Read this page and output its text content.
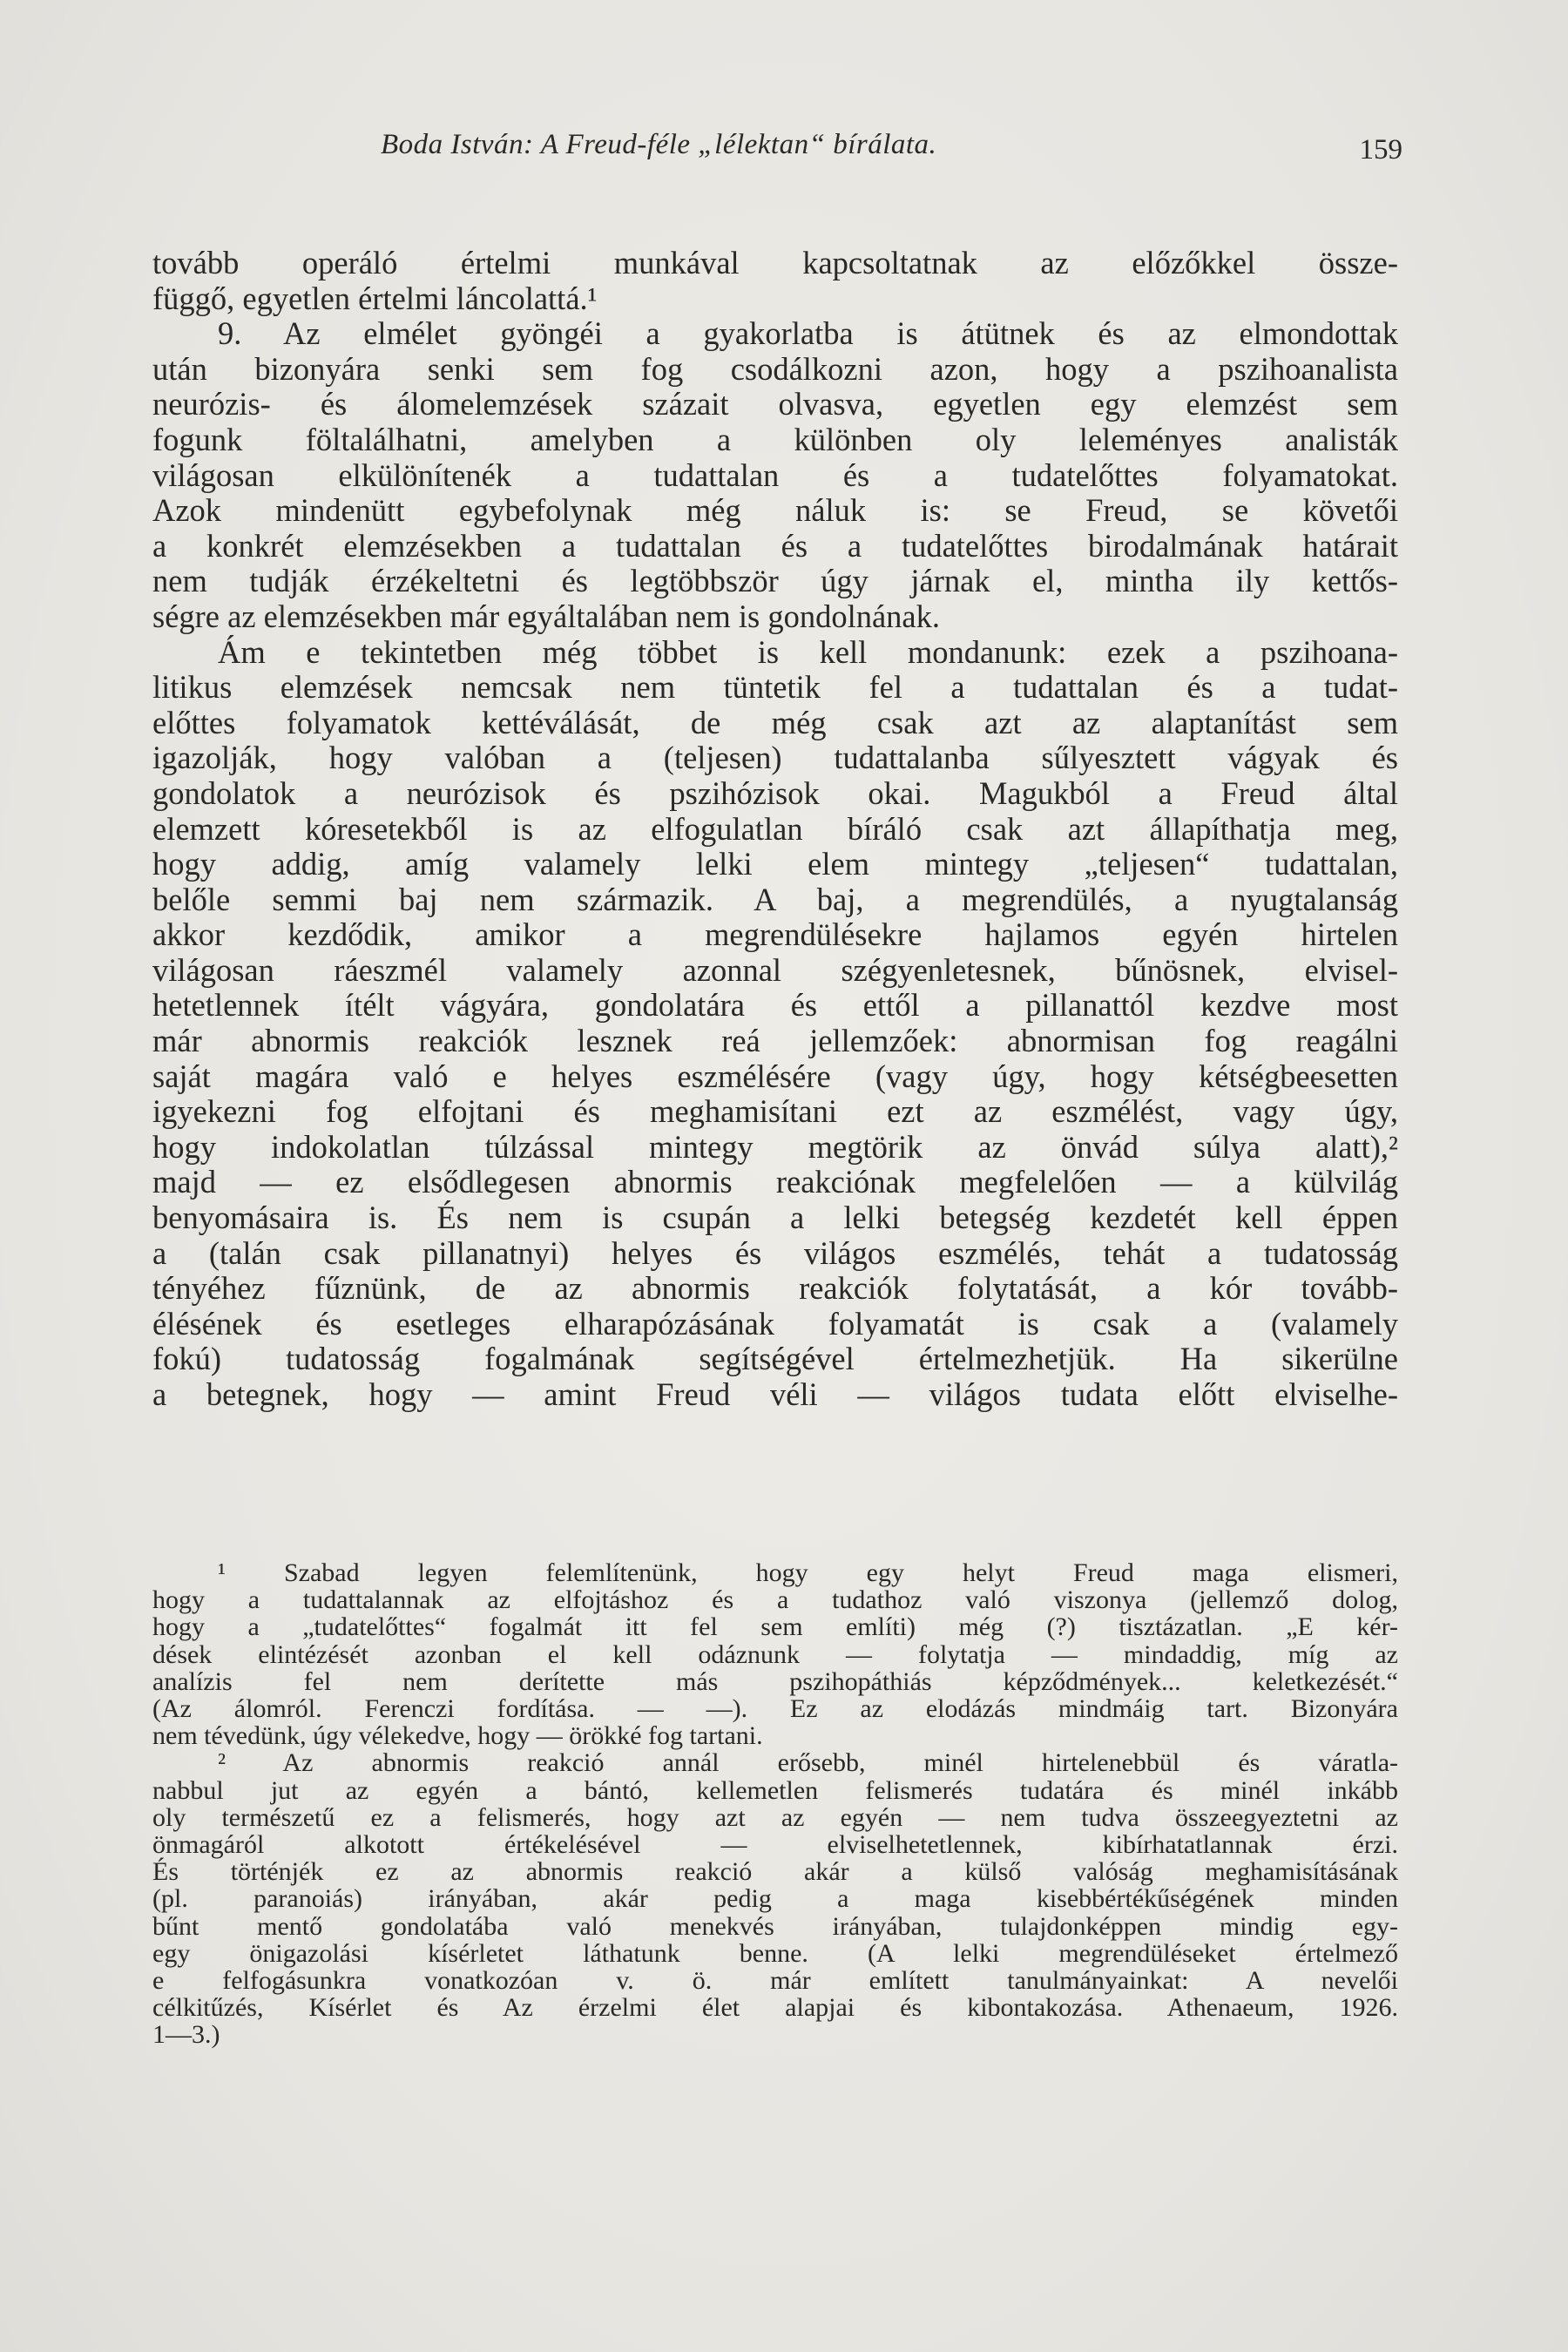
Boda István: A Freud-féle „lélektan“ bírálata.	159

tovább operáló értelmi munkával kapcsoltatnak az előzőkkel össze-

függő, egyetlen értelmi láncolattá.¹

9. Az elmélet gyöngéi a gyakorlatba is átütnek és az elmondottak

után bizonyára senki sem fog csodálkozni azon, hogy a pszihoanalista

neurózis- és álomelemzések százait olvasva, egyetlen egy elemzést sem

fogunk föltalálhatni, amelyben a különben oly leleményes analisták

világosan elkülönítenék a tudattalan és a tudatelőttes folyamatokat.

Azok mindenütt egybefolynak még náluk is: se Freud, se követői

a konkrét elemzésekben a tudattalan és a tudatelőttes birodalmának határait

nem tudják érzékeltetni és legtöbbször úgy járnak el, mintha ily kettős-

ségre az elemzésekben már egyáltalában nem is gondolnának.

Ám e tekintetben még többet is kell mondanunk: ezek a pszihoana-

litikus elemzések nemcsak nem tüntetik fel a tudattalan és a tudat-

előttes folyamatok kettéválását, de még csak azt az alaptanítást sem

igazolják, hogy valóban a (teljesen) tudattalanba sűlyesztett vágyak és

gondolatok a neurózisok és pszihózisok okai. Magukból a Freud által

elemzett kóresetekből is az elfogulatlan bíráló csak azt állapíthatja meg,

hogy addig, amíg valamely lelki elem mintegy „teljesen“ tudattalan,

belőle semmi baj nem származik. A baj, a megrendülés, a nyugtalanság

akkor kezdődik, amikor a megrendülésekre hajlamos egyén hirtelen

világosan ráeszmél valamely azonnal szégyenletesnek, bűnösnek, elvisel-

hetetlennek ítélt vágyára, gondolatára és ettől a pillanattól kezdve most

már abnormis reakciók lesznek reá jellemzőek: abnormisan fog reagálni

saját magára való e helyes eszmélésére (vagy úgy, hogy kétségbeesetten

igyekezni fog elfojtani és meghamisítani ezt az eszmélést, vagy úgy,

hogy indokolatlan túlzással mintegy megtörik az önvád súlya alatt),²

majd — ez elsődlegesen abnormis reakciónak megfelelően — a külvilág

benyomásaira is. És nem is csupán a lelki betegség kezdetét kell éppen

a (talán csak pillanatnyi) helyes és világos eszmélés, tehát a tudatosság

tényéhez fűznünk, de az abnormis reakciók folytatását, a kór tovább-

élésének és esetleges elharapózásának folyamatát is csak a (valamely

fokú) tudatosság fogalmának segítségével értelmezhetjük. Ha sikerülne

a betegnek, hogy — amint Freud véli — világos tudata előtt elviselhe-

¹ Szabad legyen felemlítenünk, hogy egy helyt Freud maga elismeri,

hogy a tudattalannak az elfojtáshoz és a tudathoz való viszonya (jellemző dolog,

hogy a „tudatelőttes“ fogalmát itt fel sem említi) még (?) tisztázatlan. „E kér-

dések elintézését azonban el kell odáznunk — folytatja — mindaddig, míg az

analízis fel nem derítette más pszihopáthiás képződmények... keletkezését.“

(Az álomról. Ferenczi fordítása. — —). Ez az elodázás mindmáig tart. Bizonyára

nem tévedünk, úgy vélekedve, hogy — örökké fog tartani.

² Az abnormis reakció annál erősebb, minél hirtelenebbül és váratla-

nabbul jut az egyén a bántó, kellemetlen felismerés tudatára és minél inkább

oly természetű ez a felismerés, hogy azt az egyén — nem tudva összeegyeztetni az

önmagáról alkotott értékelésével — elviselhetetlennek, kibírhatatlannak érzi.

És történjék ez az abnormis reakció akár a külső valóság meghamisításának

(pl. paranoiás) irányában, akár pedig a maga kisebbértékűségének minden

bűnt mentő gondolatába való menekvés irányában, tulajdonképpen mindig egy-

egy önigazolási kísérletet láthatunk benne. (A lelki megrendüléseket értelmező

e felfogásunkra vonatkozóan v. ö. már említett tanulmányainkat: A nevelői

célkitűzés, Kísérlet és Az érzelmi élet alapjai és kibontakozása. Athenaeum, 1926.

1—3.)
